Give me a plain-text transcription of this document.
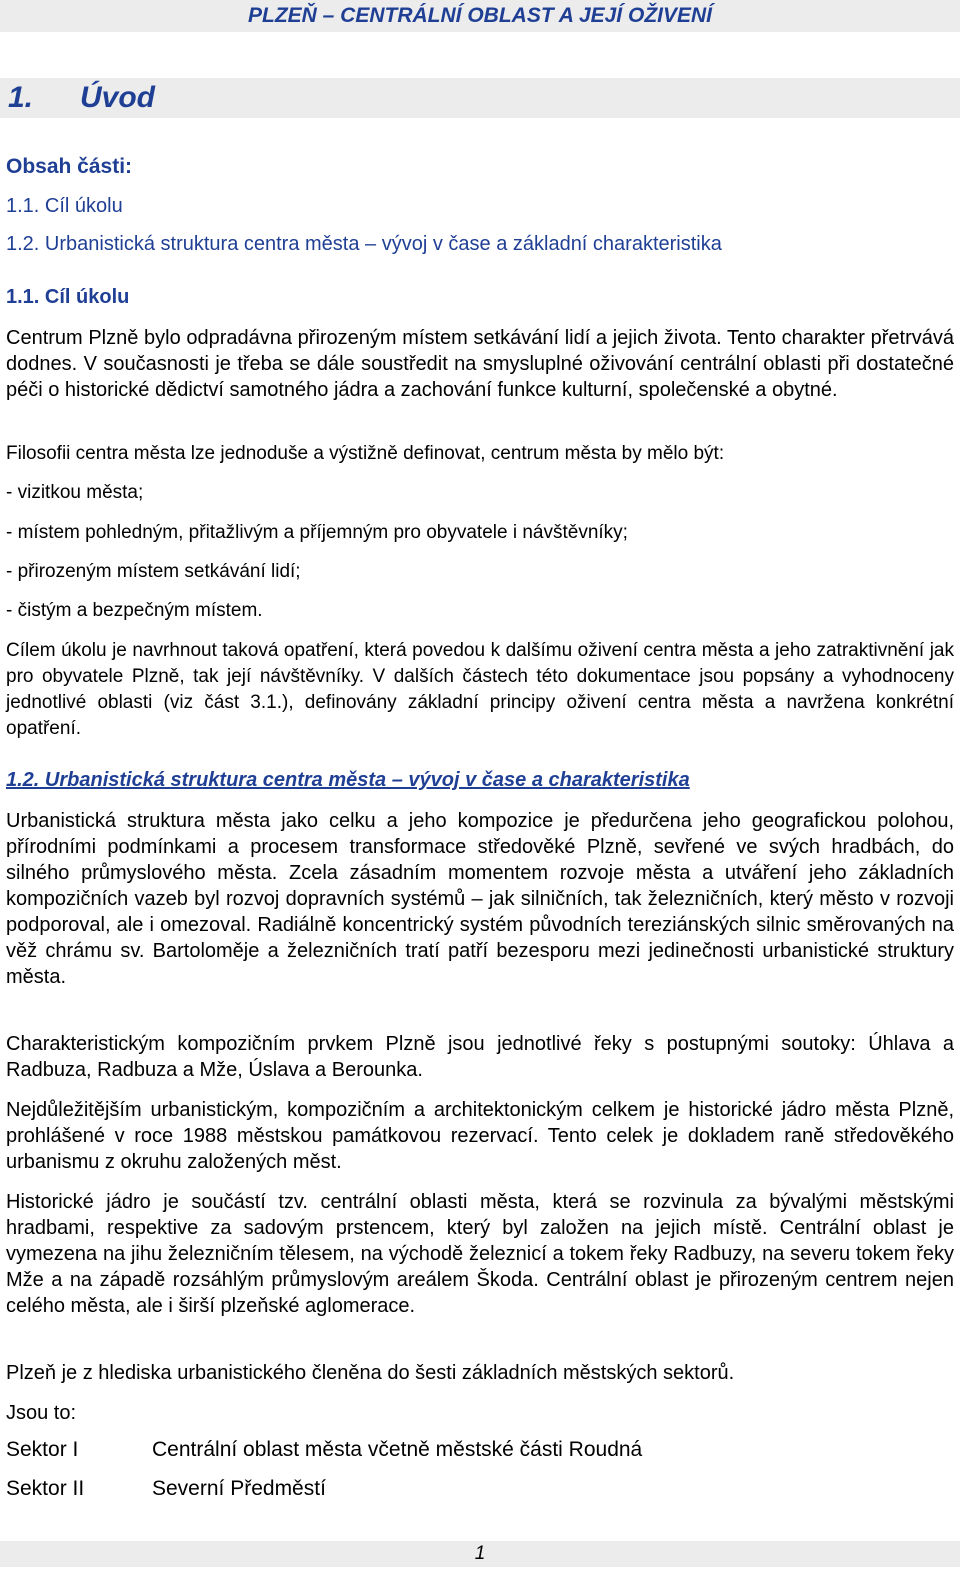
PLZEŇ – CENTRÁLNÍ OBLAST A JEJÍ OŽIVENÍ
1. Úvod
Obsah části:
1.1. Cíl úkolu
1.2. Urbanistická struktura centra města – vývoj v čase a základní charakteristika
1.1. Cíl úkolu
Centrum Plzně bylo odpradávna přirozeným místem setkávání lidí a jejich života. Tento charakter přetrvává dodnes. V současnosti je třeba se dále soustředit na smysluplné oživování centrální oblasti při dostatečné péči o historické dědictví samotného jádra a zachování funkce kulturní, společenské a obytné.
Filosofii centra města lze jednoduše a výstižně definovat, centrum města by mělo být:
- vizitkou města;
- místem pohledným, přitažlivým a příjemným pro obyvatele i návštěvníky;
- přirozeným místem setkávání lidí;
- čistým a bezpečným místem.
Cílem úkolu je navrhnout taková opatření, která povedou k dalšímu oživení centra města a jeho zatraktivnění jak pro obyvatele Plzně, tak její návštěvníky. V dalších částech této dokumentace jsou popsány a vyhodnoceny jednotlivé oblasti (viz část 3.1.), definovány základní principy oživení centra města a navržena konkrétní opatření.
1.2. Urbanistická struktura centra města – vývoj v čase a charakteristika
Urbanistická struktura města jako celku a jeho kompozice je předurčena jeho geografickou polohou, přírodními podmínkami a procesem transformace středověké Plzně, sevřené ve svých hradbách, do silného průmyslového města. Zcela zásadním momentem rozvoje města a utváření jeho základních kompozičních vazeb byl rozvoj dopravních systémů – jak silničních, tak železničních, který město v rozvoji podporoval, ale i omezoval. Radiálně koncentrický systém původních tereziánských silnic směrovaných na věž chrámu sv. Bartoloměje a železničních tratí patří bezesporu mezi jedinečnosti urbanistické struktury města.
Charakteristickým kompozičním prvkem Plzně jsou jednotlivé řeky s postupnými soutoky: Úhlava a Radbuza, Radbuza a Mže, Úslava a Berounka.
Nejdůležitějším urbanistickým, kompozičním a architektonickým celkem je historické jádro města Plzně, prohlášené v roce 1988 městskou památkovou rezervací. Tento celek je dokladem raně středověkého urbanismu z okruhu založených měst.
Historické jádro je součástí tzv. centrální oblasti města, která se rozvinula za bývalými městskými hradbami, respektive za sadovým prstencem, který byl založen na jejich místě. Centrální oblast je vymezena na jihu železničním tělesem, na východě železnicí a tokem řeky Radbuzy, na severu tokem řeky Mže a na západě rozsáhlým průmyslovým areálem Škoda. Centrální oblast je přirozeným centrem nejen celého města, ale i širší plzeňské aglomerace.
Plzeň je z hlediska urbanistického členěna do šesti základních městských sektorů.
Jsou to:
Sektor I	Centrální oblast města včetně městské části Roudná
Sektor II	Severní Předměstí
1
